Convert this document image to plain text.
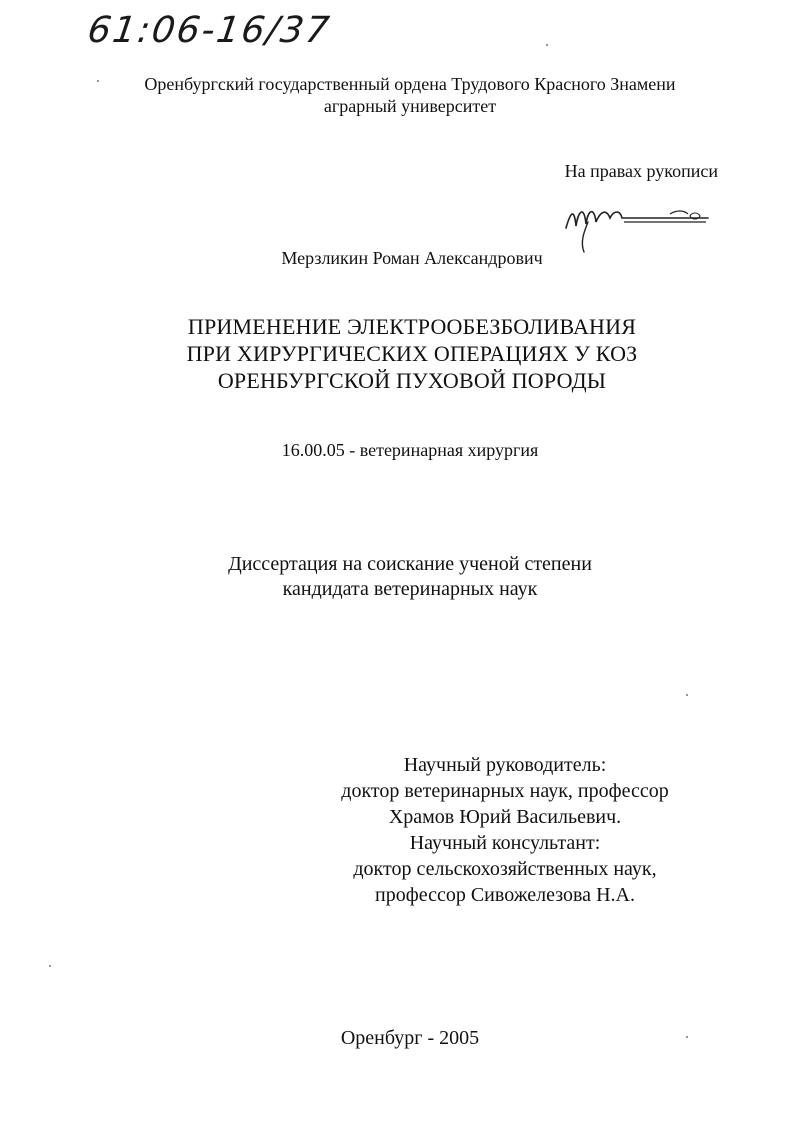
61:06-16/37
Оренбургский государственный ордена Трудового Красного Знамени
аграрный университет
На правах рукописи
Мерзликин Роман Александрович
ПРИМЕНЕНИЕ ЭЛЕКТРООБЕЗБОЛИВАНИЯ
ПРИ ХИРУРГИЧЕСКИХ ОПЕРАЦИЯХ У КОЗ
ОРЕНБУРГСКОЙ ПУХОВОЙ ПОРОДЫ
16.00.05 - ветеринарная хирургия
Диссертация на соискание ученой степени
кандидата ветеринарных наук
Научный руководитель:
доктор ветеринарных наук, профессор
Храмов Юрий Васильевич.
Научный консультант:
доктор сельскохозяйственных наук,
профессор Сивожелезова Н.А.
Оренбург - 2005
